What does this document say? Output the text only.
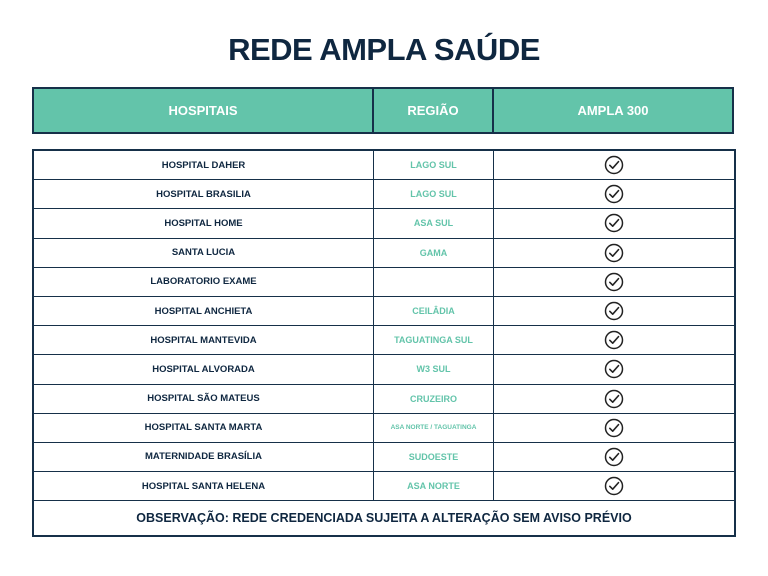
REDE AMPLA SAÚDE
HOSPITAIS	REGIÃO	AMPLA 300
HOSPITAL DAHER	LAGO SUL
HOSPITAL BRASILIA	LAGO SUL
HOSPITAL HOME	ASA SUL
SANTA LUCIA	GAMA
LABORATORIO EXAME
HOSPITAL ANCHIETA	CEILÂDIA
HOSPITAL MANTEVIDA	TAGUATINGA SUL
HOSPITAL ALVORADA	W3 SUL
HOSPITAL SÃO MATEUS	CRUZEIRO
HOSPITAL SANTA MARTA	ASA NORTE / TAGUATINGA
MATERNIDADE BRASÍLIA	SUDOESTE
HOSPITAL SANTA HELENA	ASA NORTE
OBSERVAÇÃO: REDE CREDENCIADA SUJEITA A ALTERAÇÃO SEM AVISO PRÉVIO
